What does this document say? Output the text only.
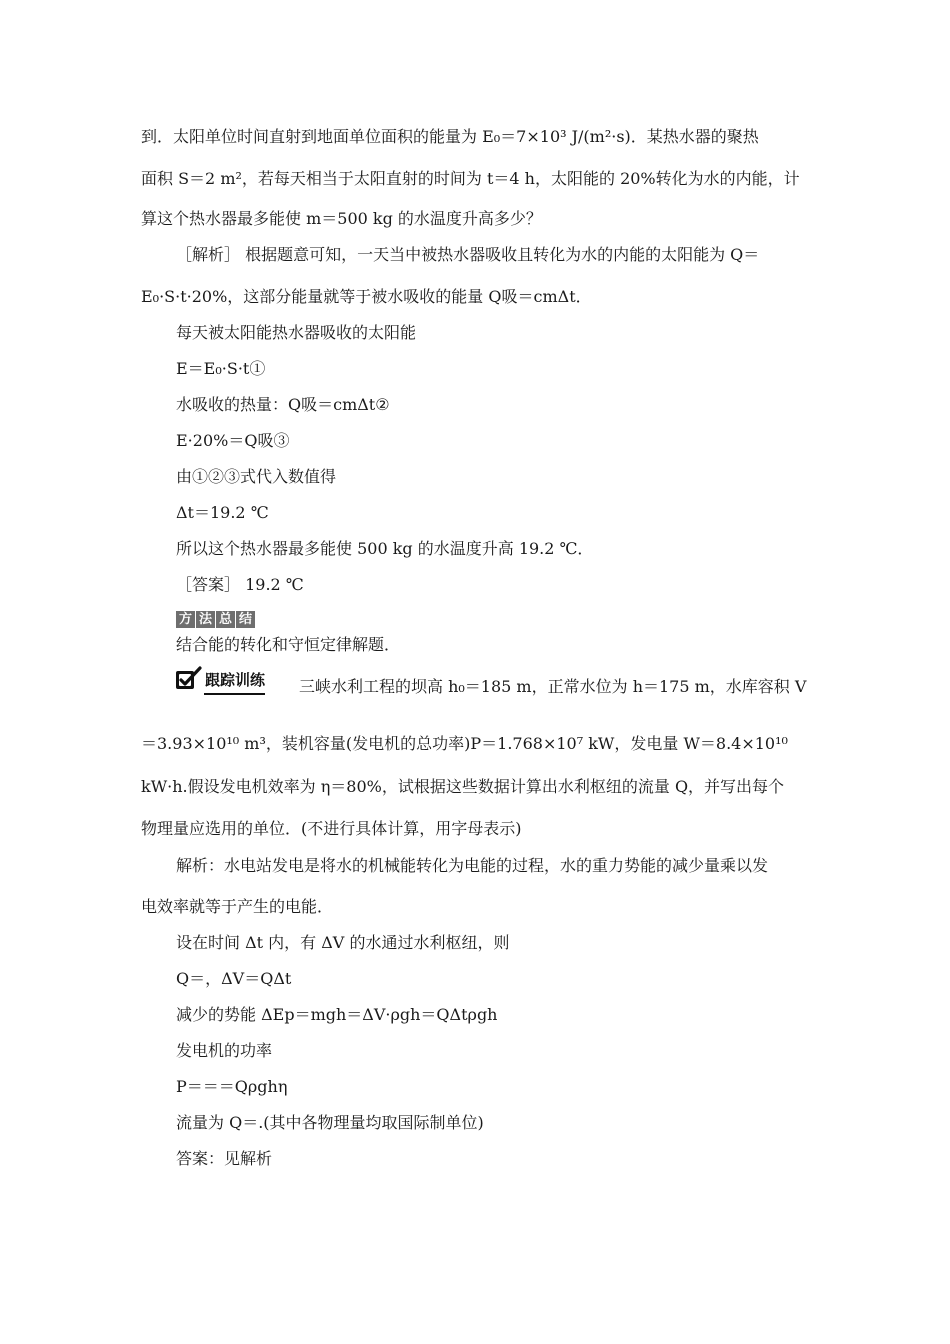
到．太阳单位时间直射到地面单位面积的能量为 E₀＝7×10³ J/(m²·s)．某热水器的聚热
面积 S＝2 m²，若每天相当于太阳直射的时间为 t＝4 h，太阳能的 20%转化为水的内能，计
算这个热水器最多能使 m＝500 kg 的水温度升高多少？
［解析］ 根据题意可知，一天当中被热水器吸收且转化为水的内能的太阳能为 Q＝
E₀·S·t·20%，这部分能量就等于被水吸收的能量 Q吸＝cmΔt．
每天被太阳能热水器吸收的太阳能
E＝E₀·S·t①
水吸收的热量：Q吸＝cmΔt②
E·20%＝Q吸③
由①②③式代入数值得
Δt＝19.2 ℃
所以这个热水器最多能使 500 kg 的水温度升高 19.2 ℃．
［答案］ 19.2 ℃
方 法 总 结
结合能的转化和守恒定律解题．
跟踪训练 三峡水利工程的坝高 h₀＝185 m，正常水位为 h＝175 m，水库容积 V
＝3.93×10¹⁰ m³，装机容量(发电机的总功率)P＝1.768×10⁷ kW，发电量 W＝8.4×10¹⁰
kW·h.假设发电机效率为 η＝80%，试根据这些数据计算出水利枢纽的流量 Q，并写出每个
物理量应选用的单位．(不进行具体计算，用字母表示)
解析：水电站发电是将水的机械能转化为电能的过程，水的重力势能的减少量乘以发
电效率就等于产生的电能．
设在时间 Δt 内，有 ΔV 的水通过水利枢纽，则
Q＝，ΔV＝QΔt
减少的势能 ΔEp＝mgh＝ΔV·ρgh＝QΔtρgh
发电机的功率
P＝＝＝Qρghη
流量为 Q＝.(其中各物理量均取国际制单位)
答案：见解析
